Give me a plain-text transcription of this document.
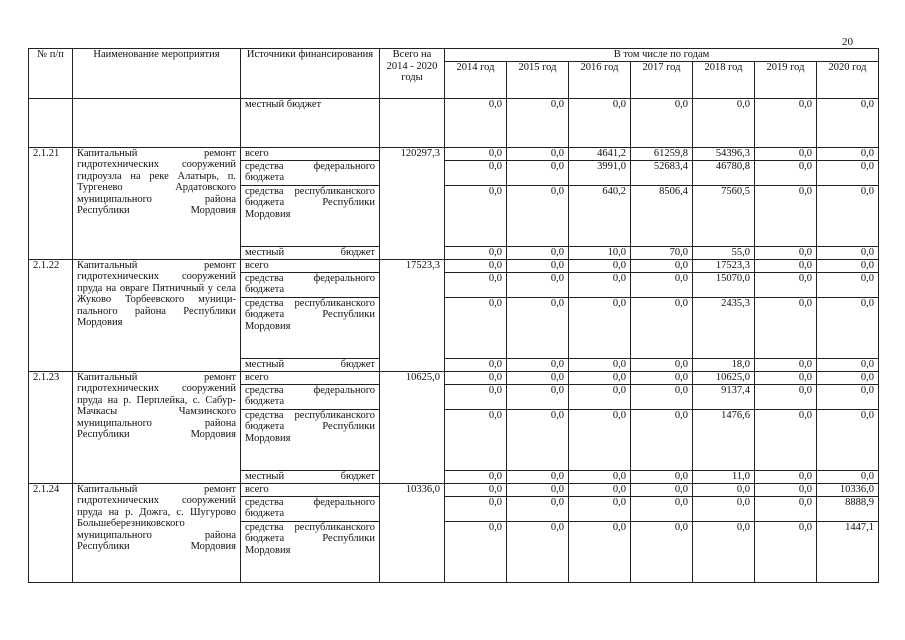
20
№ п/п	Наименование мероприятия	Источники финансирования	Всего на 2014 - 2020 годы	В том числе по годам						
				2014 год	2015 год	2016 год	2017 год	2018 год	2019 год	2020 год
		местный бюджет		0,0	0,0	0,0	0,0	0,0	0,0	0,0
2.1.21	Капитальный ремонт гидротехнических сооружений гидроузла на реке Алатырь, п. Тургенево Ардатовского муниципального района Республики Мордовия	всего	120297,3	0,0	0,0	4641,2	61259,8	54396,3	0,0	0,0
		средства федерального бюджета		0,0	0,0	3991,0	52683,4	46780,8	0,0	0,0
		средства республиканского бюджета Республики Мордовия		0,0	0,0	640,2	8506,4	7560,5	0,0	0,0
		местный бюджет		0,0	0,0	10,0	70,0	55,0	0,0	0,0
2.1.22	Капитальный ремонт гидротехнических сооружений пруда на овраге Пятничный у села Жуково Торбеевского муници-пального района Республики Мордовия	всего	17523,3	0,0	0,0	0,0	0,0	17523,3	0,0	0,0
		средства федерального бюджета		0,0	0,0	0,0	0,0	15070,0	0,0	0,0
		средства республиканского бюджета Республики Мордовия		0,0	0,0	0,0	0,0	2435,3	0,0	0,0
		местный бюджет		0,0	0,0	0,0	0,0	18,0	0,0	0,0
2.1.23	Капитальный ремонт гидротехнических сооружений пруда на р. Перплейка, с. Сабур-Мачкасы Чамзинского муниципального района Республики Мордовия	всего	10625,0	0,0	0,0	0,0	0,0	10625,0	0,0	0,0
		средства федерального бюджета		0,0	0,0	0,0	0,0	9137,4	0,0	0,0
		средства республиканского бюджета Республики Мордовия		0,0	0,0	0,0	0,0	1476,6	0,0	0,0
		местный бюджет		0,0	0,0	0,0	0,0	11,0	0,0	0,0
2.1.24	Капитальный ремонт гидротехнических сооружений пруда на р. Дожга, с. Шугурово Большеберезниковского муниципального района Республики Мордовия	всего	10336,0	0,0	0,0	0,0	0,0	0,0	0,0	10336,0
		средства федерального бюджета		0,0	0,0	0,0	0,0	0,0	0,0	8888,9
		средства республиканского бюджета Республики Мордовия		0,0	0,0	0,0	0,0	0,0	0,0	1447,1
